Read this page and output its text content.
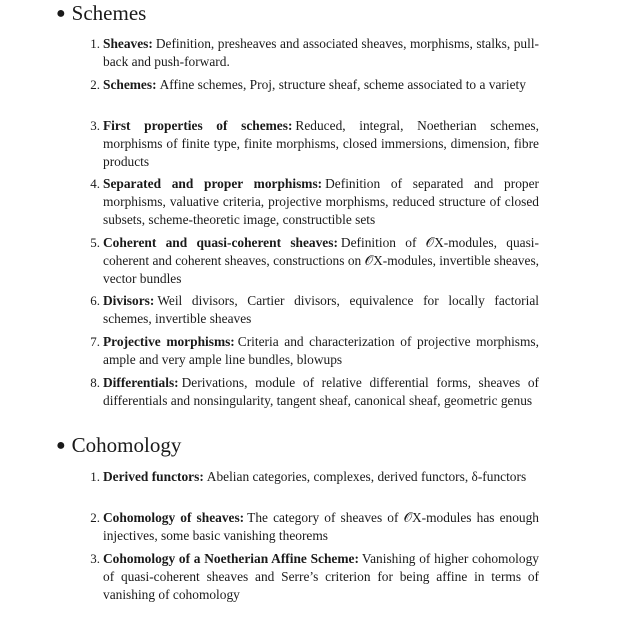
● Schemes
1. Sheaves: Definition, presheaves and associated sheaves, morphisms, stalks, pull-back and push-forward.
2. Schemes: Affine schemes, Proj, structure sheaf, scheme associated to a variety
3. First properties of schemes: Reduced, integral, Noetherian schemes, morphisms of finite type, finite morphisms, closed immersions, dimension, fibre products
4. Separated and proper morphisms: Definition of separated and proper morphisms, valuative criteria, projective morphisms, reduced structure of closed subsets, scheme-theoretic image, constructible sets
5. Coherent and quasi-coherent sheaves: Definition of 𝒪X-modules, quasi-coherent and coherent sheaves, constructions on 𝒪X-modules, invertible sheaves, vector bundles
6. Divisors: Weil divisors, Cartier divisors, equivalence for locally factorial schemes, invertible sheaves
7. Projective morphisms: Criteria and characterization of projective morphisms, ample and very ample line bundles, blowups
8. Differentials: Derivations, module of relative differential forms, sheaves of differentials and nonsingularity, tangent sheaf, canonical sheaf, geometric genus
● Cohomology
1. Derived functors: Abelian categories, complexes, derived functors, δ-functors
2. Cohomology of sheaves: The category of sheaves of 𝒪X-modules has enough injectives, some basic vanishing theorems
3. Cohomology of a Noetherian Affine Scheme: Vanishing of higher cohomology of quasi-coherent sheaves and Serre’s criterion for being affine in terms of vanishing of cohomology
